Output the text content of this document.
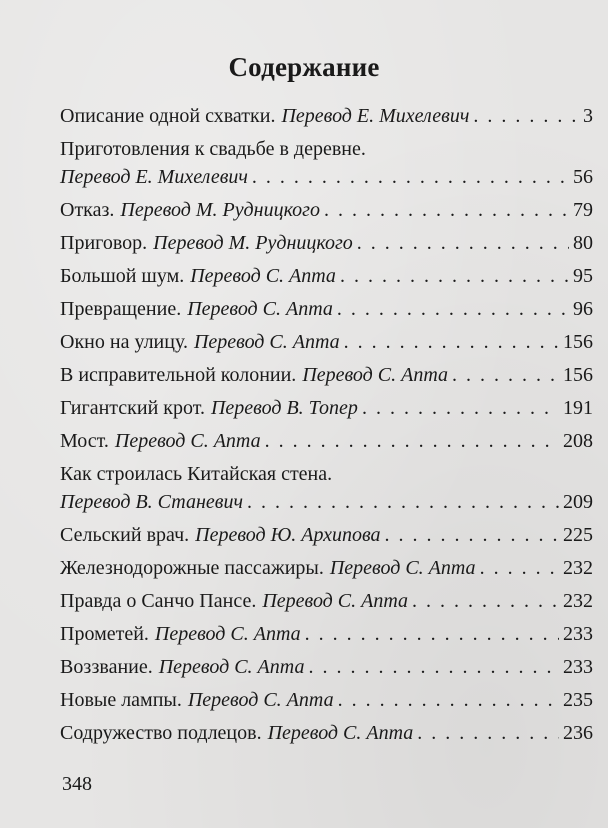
Содержание
Описание одной схватки. Перевод Е. Михелевич . . .	3
Приготовления к свадьбе в деревне.
Перевод Е. Михелевич . . .	56
Отказ. Перевод М. Рудницкого . . .	79
Приговор. Перевод М. Рудницкого . . .	80
Большой шум. Перевод С. Апта . . .	95
Превращение. Перевод С. Апта . . .	96
Окно на улицу. Перевод С. Апта . . .	156
В исправительной колонии. Перевод С. Апта . . .	156
Гигантский крот. Перевод В. Топер . . .	191
Мост. Перевод С. Апта . . .	208
Как строилась Китайская стена.
Перевод В. Станевич . . .	209
Сельский врач. Перевод Ю. Архипова . . .	225
Железнодорожные пассажиры. Перевод С. Апта . . .	232
Правда о Санчо Пансе. Перевод С. Апта . . .	232
Прометей. Перевод С. Апта . . .	233
Воззвание. Перевод С. Апта . . .	233
Новые лампы. Перевод С. Апта . . .	235
Содружество подлецов. Перевод С. Апта . . .	236
348
